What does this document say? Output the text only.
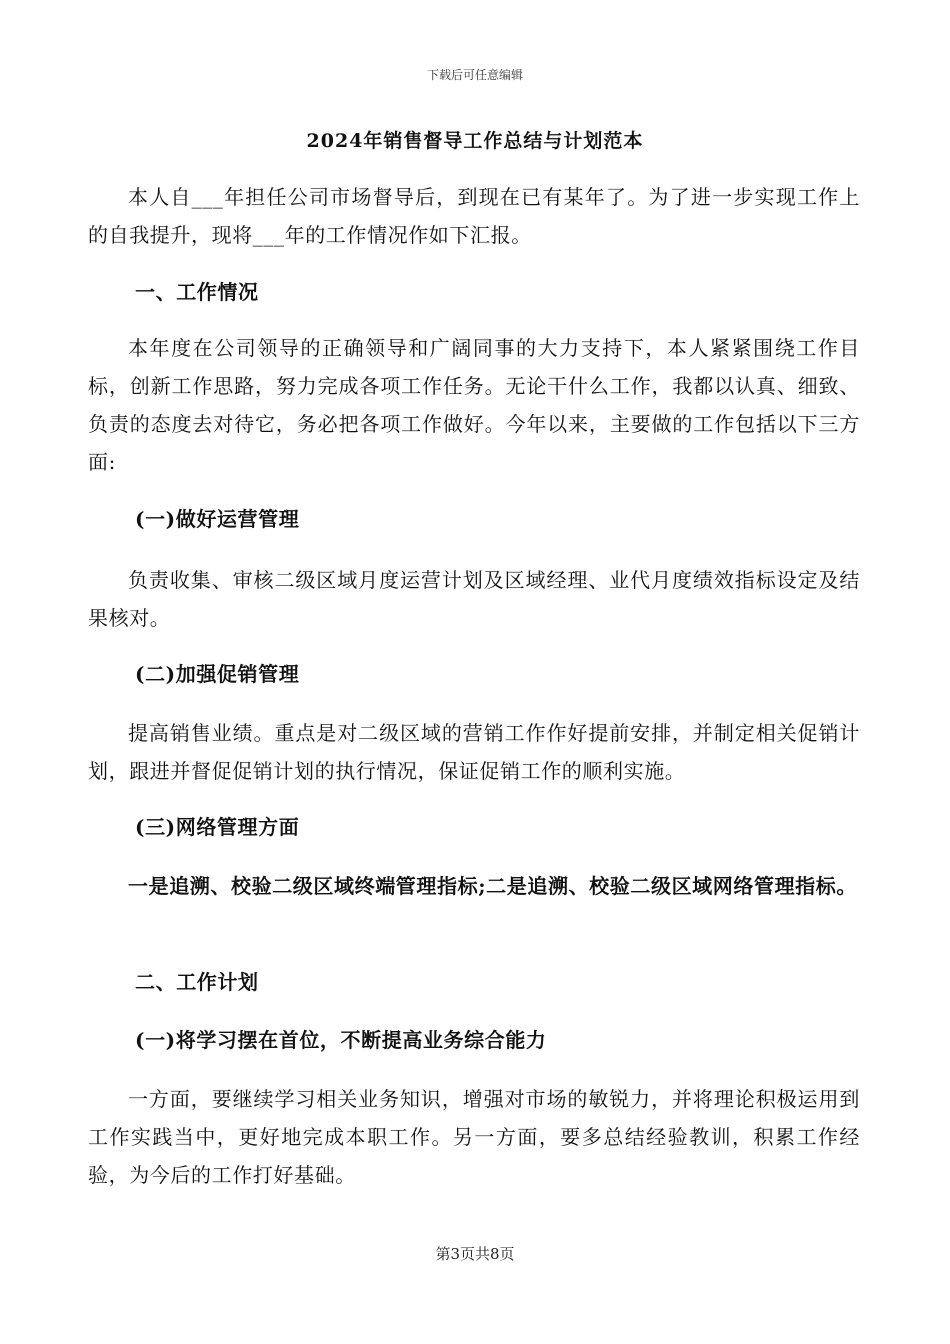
下载后可任意编辑
2024年销售督导工作总结与计划范本

本人自___年担任公司市场督导后，到现在已有某年了。为了进一步实现工作上的自我提升，现将___年的工作情况作如下汇报。

一、工作情况

本年度在公司领导的正确领导和广阔同事的大力支持下，本人紧紧围绕工作目标，创新工作思路，努力完成各项工作任务。无论干什么工作，我都以认真、细致、负责的态度去对待它，务必把各项工作做好。今年以来，主要做的工作包括以下三方面:

(一)做好运营管理

负责收集、审核二级区域月度运营计划及区域经理、业代月度绩效指标设定及结果核对。

(二)加强促销管理

提高销售业绩。重点是对二级区域的营销工作作好提前安排，并制定相关促销计划，跟进并督促促销计划的执行情况，保证促销工作的顺利实施。

(三)网络管理方面

一是追溯、校验二级区域终端管理指标;二是追溯、校验二级区域网络管理指标。

二、工作计划

(一)将学习摆在首位，不断提高业务综合能力

一方面，要继续学习相关业务知识，增强对市场的敏锐力，并将理论积极运用到工作实践当中，更好地完成本职工作。另一方面，要多总结经验教训，积累工作经验，为今后的工作打好基础。

第3页共8页
